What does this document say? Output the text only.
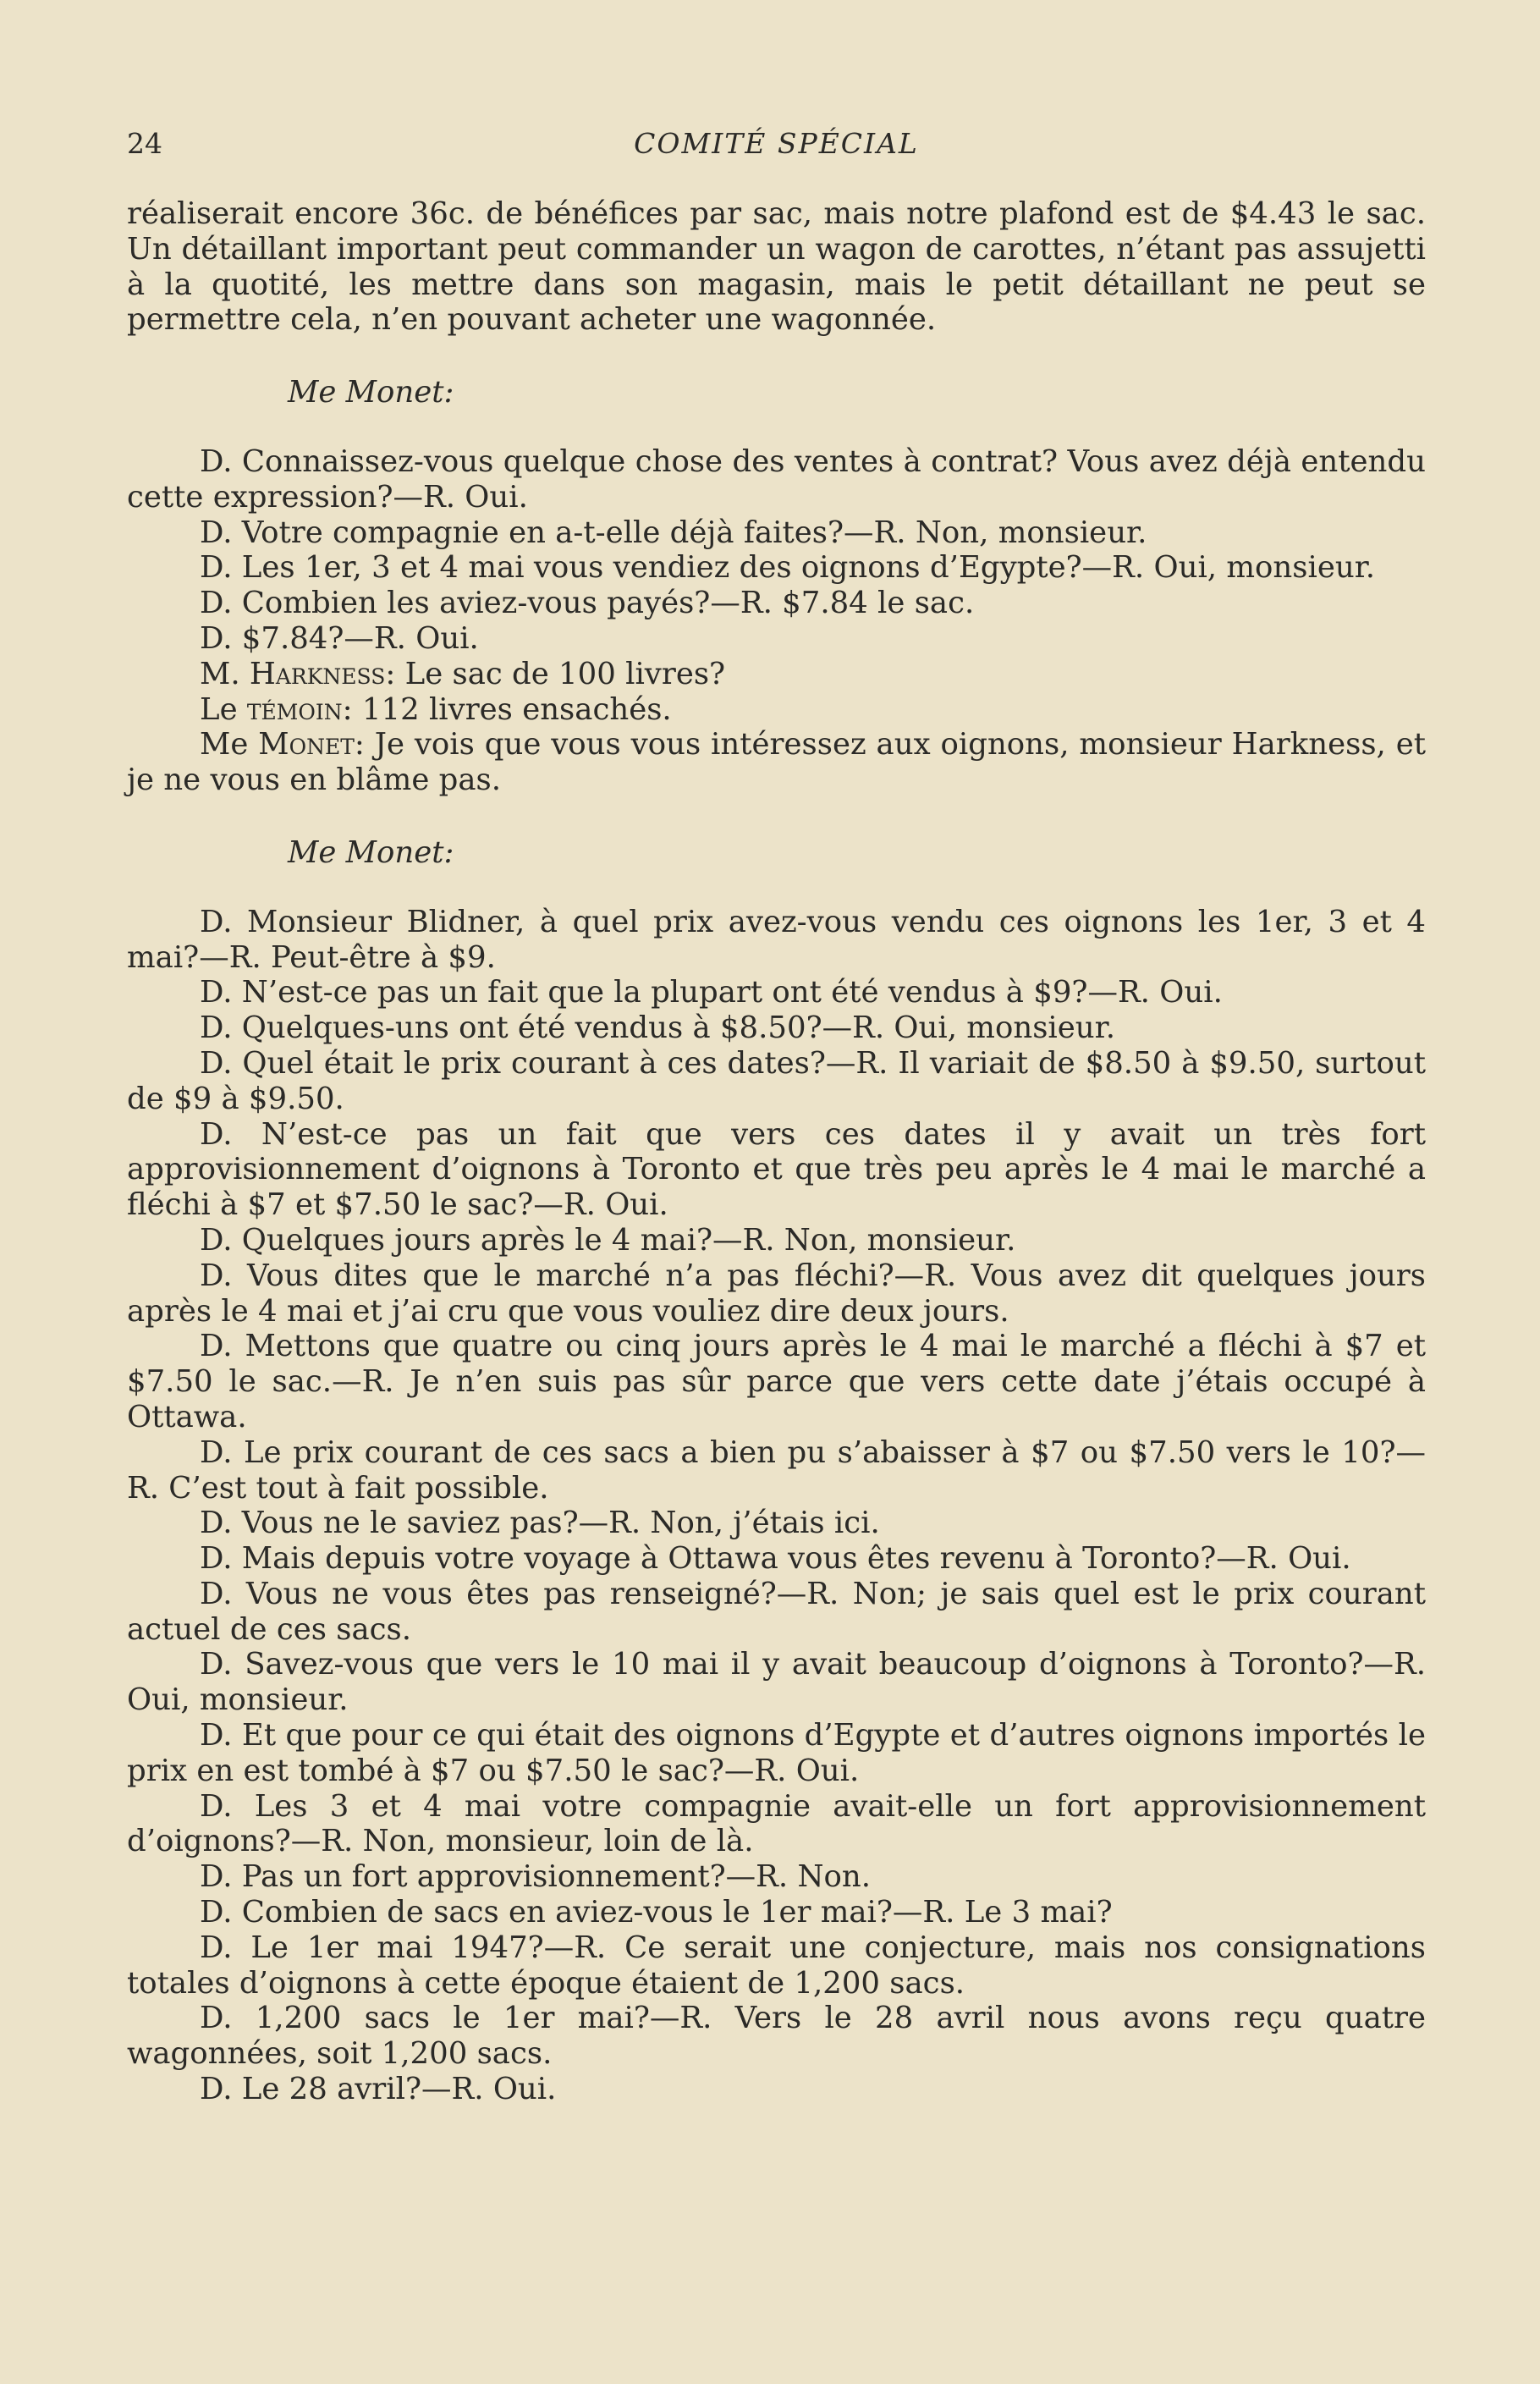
24	COMITÉ SPÉCIAL

réaliserait encore 36c. de bénéfices par sac, mais notre plafond est de $4.43 le sac. Un détaillant important peut commander un wagon de carottes, n’étant pas assujetti à la quotité, les mettre dans son magasin, mais le petit détaillant ne peut se permettre cela, n’en pouvant acheter une wagonnée.

Me Monet:

D. Connaissez-vous quelque chose des ventes à contrat? Vous avez déjà entendu cette expression?—R. Oui.

D. Votre compagnie en a-t-elle déjà faites?—R. Non, monsieur.

D. Les 1er, 3 et 4 mai vous vendiez des oignons d’Egypte?—R. Oui, monsieur.

D. Combien les aviez-vous payés?—R. $7.84 le sac.

D. $7.84?—R. Oui.

M. Harkness: Le sac de 100 livres?

Le témoin: 112 livres ensachés.

Me Monet: Je vois que vous vous intéressez aux oignons, monsieur Harkness, et je ne vous en blâme pas.

Me Monet:

D. Monsieur Blidner, à quel prix avez-vous vendu ces oignons les 1er, 3 et 4 mai?—R. Peut-être à $9.

D. N’est-ce pas un fait que la plupart ont été vendus à $9?—R. Oui.

D. Quelques-uns ont été vendus à $8.50?—R. Oui, monsieur.

D. Quel était le prix courant à ces dates?—R. Il variait de $8.50 à $9.50, surtout de $9 à $9.50.

D. N’est-ce pas un fait que vers ces dates il y avait un très fort approvisionnement d’oignons à Toronto et que très peu après le 4 mai le marché a fléchi à $7 et $7.50 le sac?—R. Oui.

D. Quelques jours après le 4 mai?—R. Non, monsieur.

D. Vous dites que le marché n’a pas fléchi?—R. Vous avez dit quelques jours après le 4 mai et j’ai cru que vous vouliez dire deux jours.

D. Mettons que quatre ou cinq jours après le 4 mai le marché a fléchi à $7 et $7.50 le sac.—R. Je n’en suis pas sûr parce que vers cette date j’étais occupé à Ottawa.

D. Le prix courant de ces sacs a bien pu s’abaisser à $7 ou $7.50 vers le 10?—R. C’est tout à fait possible.

D. Vous ne le saviez pas?—R. Non, j’étais ici.

D. Mais depuis votre voyage à Ottawa vous êtes revenu à Toronto?—R. Oui.

D. Vous ne vous êtes pas renseigné?—R. Non; je sais quel est le prix courant actuel de ces sacs.

D. Savez-vous que vers le 10 mai il y avait beaucoup d’oignons à Toronto?—R. Oui, monsieur.

D. Et que pour ce qui était des oignons d’Egypte et d’autres oignons importés le prix en est tombé à $7 ou $7.50 le sac?—R. Oui.

D. Les 3 et 4 mai votre compagnie avait-elle un fort approvisionnement d’oignons?—R. Non, monsieur, loin de là.

D. Pas un fort approvisionnement?—R. Non.

D. Combien de sacs en aviez-vous le 1er mai?—R. Le 3 mai?

D. Le 1er mai 1947?—R. Ce serait une conjecture, mais nos consignations totales d’oignons à cette époque étaient de 1,200 sacs.

D. 1,200 sacs le 1er mai?—R. Vers le 28 avril nous avons reçu quatre wagonnées, soit 1,200 sacs.

D. Le 28 avril?—R. Oui.
